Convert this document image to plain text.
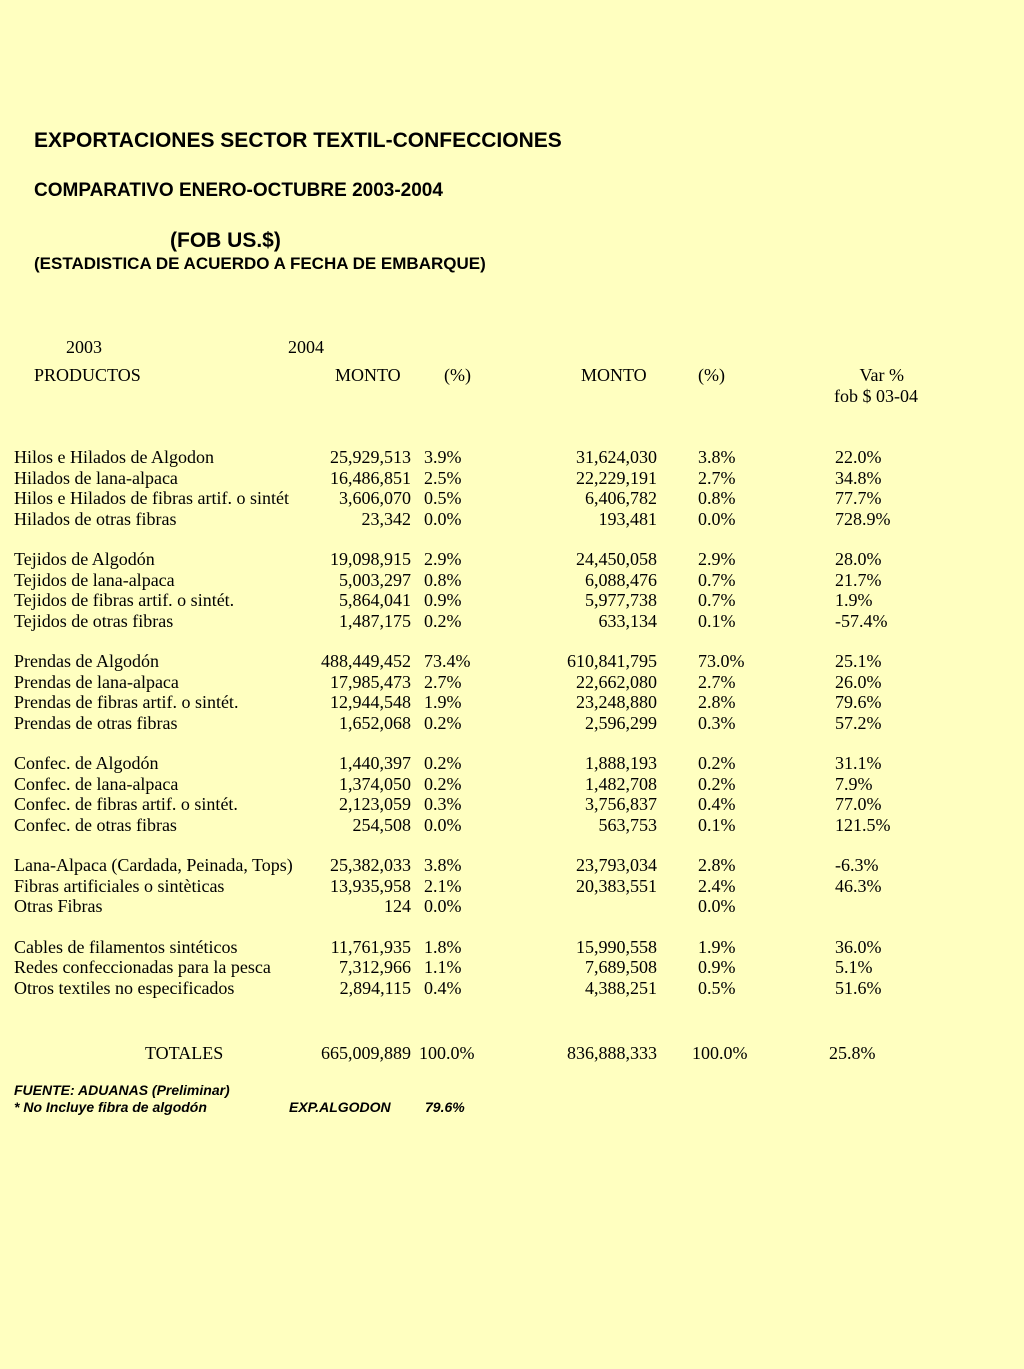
EXPORTACIONES SECTOR TEXTIL-CONFECCIONES
COMPARATIVO ENERO-OCTUBRE 2003-2004
(FOB US.$)
(ESTADISTICA DE ACUERDO A FECHA DE EMBARQUE)
2003	2004
PRODUCTOS	MONTO (%)	MONTO	(%)	Var %
fob $ 03-04
Hilos e Hilados de Algodon	25,929,513 3.9%	31,624,030 3.8%	22.0%
Hilados de lana-alpaca	16,486,851 2.5%	22,229,191 2.7%	34.8%
Hilos e Hilados de fibras artif. o sintét	3,606,070 0.5%	6,406,782 0.8%	77.7%
Hilados de otras fibras	23,342 0.0%	193,481 0.0%	728.9%
Tejidos de Algodón	19,098,915 2.9%	24,450,058 2.9%	28.0%
Tejidos de lana-alpaca	5,003,297 0.8%	6,088,476 0.7%	21.7%
Tejidos de fibras artif. o sintét.	5,864,041 0.9%	5,977,738 0.7%	1.9%
Tejidos de otras fibras	1,487,175 0.2%	633,134 0.1%	-57.4%
Prendas de Algodón	488,449,452 73.4%	610,841,795 73.0%	25.1%
Prendas de lana-alpaca	17,985,473 2.7%	22,662,080 2.7%	26.0%
Prendas de fibras artif. o sintét.	12,944,548 1.9%	23,248,880 2.8%	79.6%
Prendas de otras fibras	1,652,068 0.2%	2,596,299 0.3%	57.2%
Confec. de Algodón	1,440,397 0.2%	1,888,193 0.2%	31.1%
Confec. de lana-alpaca	1,374,050 0.2%	1,482,708 0.2%	7.9%
Confec. de fibras artif. o sintét.	2,123,059 0.3%	3,756,837 0.4%	77.0%
Confec. de otras fibras	254,508 0.0%	563,753 0.1%	121.5%
Lana-Alpaca (Cardada, Peinada, Tops) 25,382,033 3.8%	23,793,034 2.8%	-6.3%
Fibras artificiales o sintèticas	13,935,958 2.1%	20,383,551 2.4%	46.3%
Otras Fibras	124 0.0%	0.0%
Cables de filamentos sintéticos	11,761,935 1.8%	15,990,558 1.9%	36.0%
Redes confeccionadas para la pesca	7,312,966 1.1%	7,689,508 0.9%	5.1%
Otros textiles no especificados	2,894,115 0.4%	4,388,251 0.5%	51.6%
TOTALES	665,009,889 100.0%	836,888,333 100.0%	25.8%
FUENTE: ADUANAS (Preliminar)
* No Incluye fibra de algodón	EXP.ALGODON 79.6%
